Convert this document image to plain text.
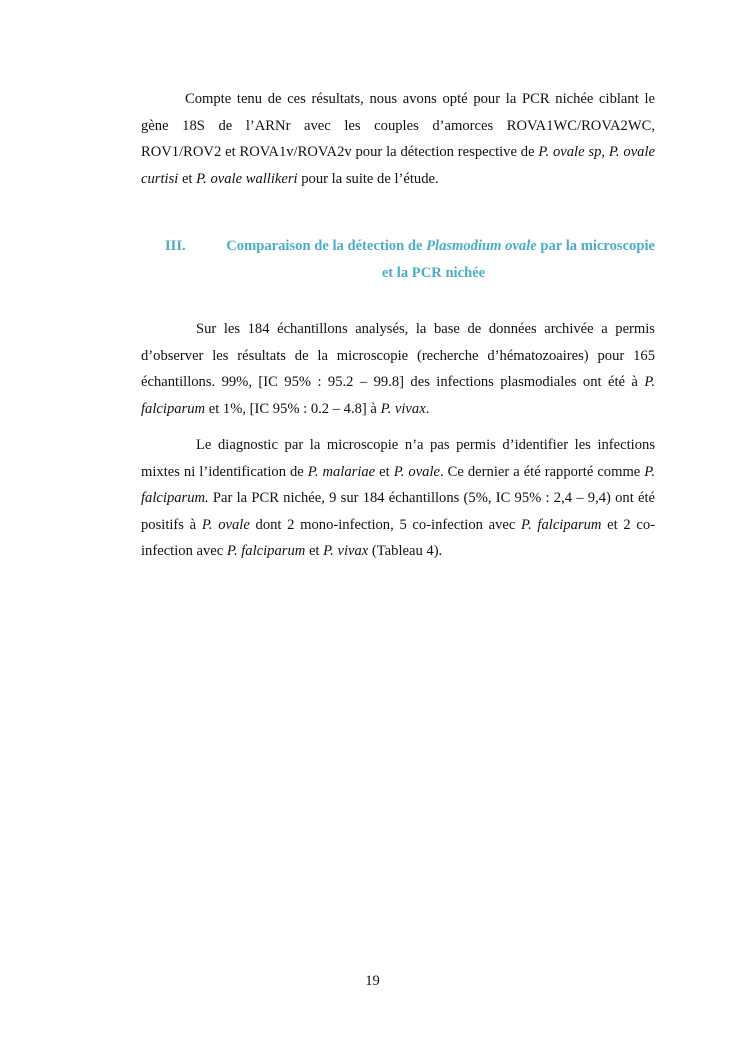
Compte tenu de ces résultats, nous avons opté pour la PCR nichée ciblant le gène 18S de l’ARNr avec les couples d’amorces ROVA1WC/ROVA2WC, ROV1/ROV2 et ROVA1v/ROVA2v pour la détection respective de P. ovale sp, P. ovale curtisi et P. ovale wallikeri pour la suite de l’étude.

III.	Comparaison de la détection de Plasmodium ovale par la microscopie
et la PCR nichée

Sur les 184 échantillons analysés, la base de données archivée a permis d’observer les résultats de la microscopie (recherche d’hématozoaires) pour 165 échantillons. 99%, [IC 95% : 95.2 – 99.8] des infections plasmodiales ont été à P. falciparum et 1%, [IC 95% : 0.2 – 4.8] à P. vivax.

Le diagnostic par la microscopie n’a pas permis d’identifier les infections mixtes ni l’identification de P. malariae et P. ovale. Ce dernier a été rapporté comme P. falciparum. Par la PCR nichée, 9 sur 184 échantillons (5%, IC 95% : 2,4 – 9,4) ont été positifs à P. ovale dont 2 mono-infection, 5 co-infection avec P. falciparum et 2 co-infection avec P. falciparum et P. vivax (Tableau 4).

19
